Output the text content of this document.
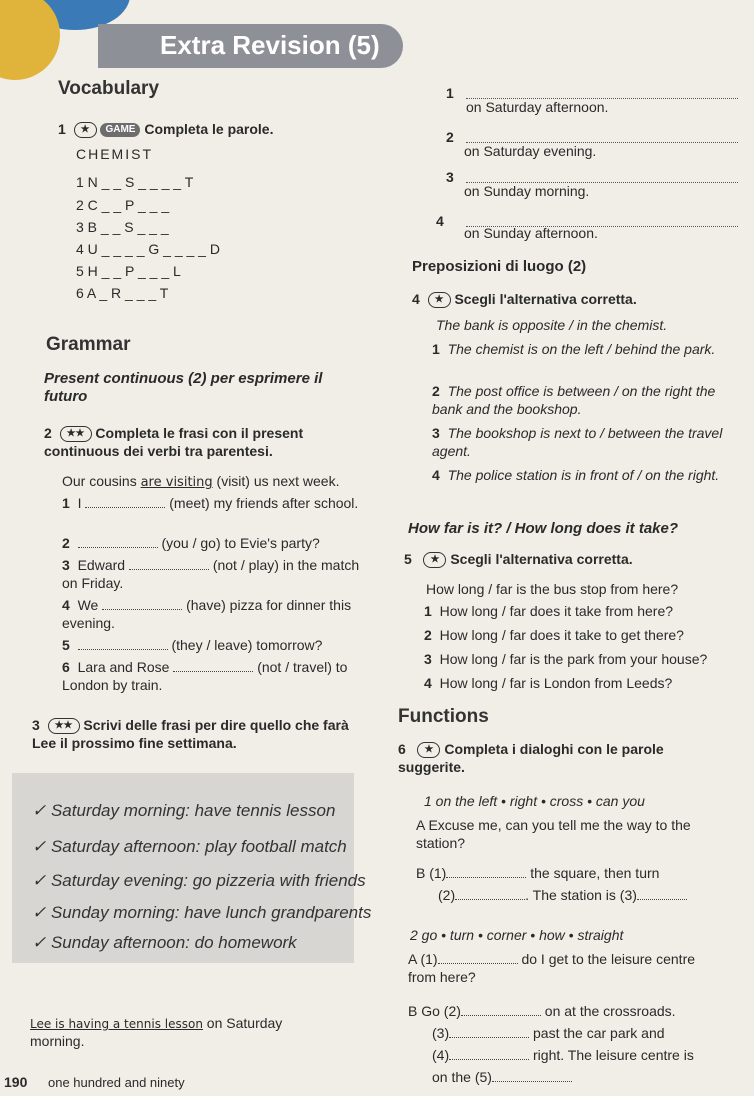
Extra Revision (5)
Vocabulary
1 ★ GAME Completa le parole.
CHEMIST
1 N _ _ S _ _ _ _ T
2 C _ _ P _ _ _
3 B _ _ S _ _ _
4 U _ _ _ _ G _ _ _ _ D
5 H _ _ P _ _ _ L
6 A _ R _ _ _ T
Grammar
Present continuous (2) per esprimere il futuro
2 ★★ Completa le frasi con il present continuous dei verbi tra parentesi.
Our cousins are visiting (visit) us next week.
1 I	(meet) my friends after school.
2	(you / go) to Evie's party?
3 Edward	(not / play) in the match on Friday.
4 We	(have) pizza for dinner this evening.
5	(they / leave) tomorrow?
6 Lara and Rose	(not / travel) to London by train.
3 ★★ Scrivi delle frasi per dire quello che farà Lee il prossimo fine settimana.
✓ Saturday morning: have tennis lesson
✓ Saturday afternoon: play football match
✓ Saturday evening: go pizzeria with friends
✓ Sunday morning: have lunch grandparents
✓ Sunday afternoon: do homework
Lee is having a tennis lesson on Saturday
morning.
190 one hundred and ninety
1
on Saturday afternoon.
2
on Saturday evening.
3
on Sunday morning.
4
on Sunday afternoon.
Preposizioni di luogo (2)
4 ★ Scegli l'alternativa corretta.
The bank is opposite / in the chemist.
1 The chemist is on the left / behind the park.
2 The post office is between / on the right the bank and the bookshop.
3 The bookshop is next to / between the travel agent.
4 The police station is in front of / on the right.
How far is it? / How long does it take?
5 ★ Scegli l'alternativa corretta.
How long / far is the bus stop from here?
1 How long / far does it take from here?
2 How long / far does it take to get there?
3 How long / far is the park from your house?
4 How long / far is London from Leeds?
Functions
6 ★ Completa i dialoghi con le parole suggerite.
1 on the left • right • cross • can you
A Excuse me, can you tell me the way to the station?
B (1)	the square, then turn
(2)	. The station is (3)
2 go • turn • corner • how • straight
A (1)	do I get to the leisure centre from here?
B Go (2)	on at the crossroads.
(3)	past the car park and
(4)	right. The leisure centre is
on the (5)
